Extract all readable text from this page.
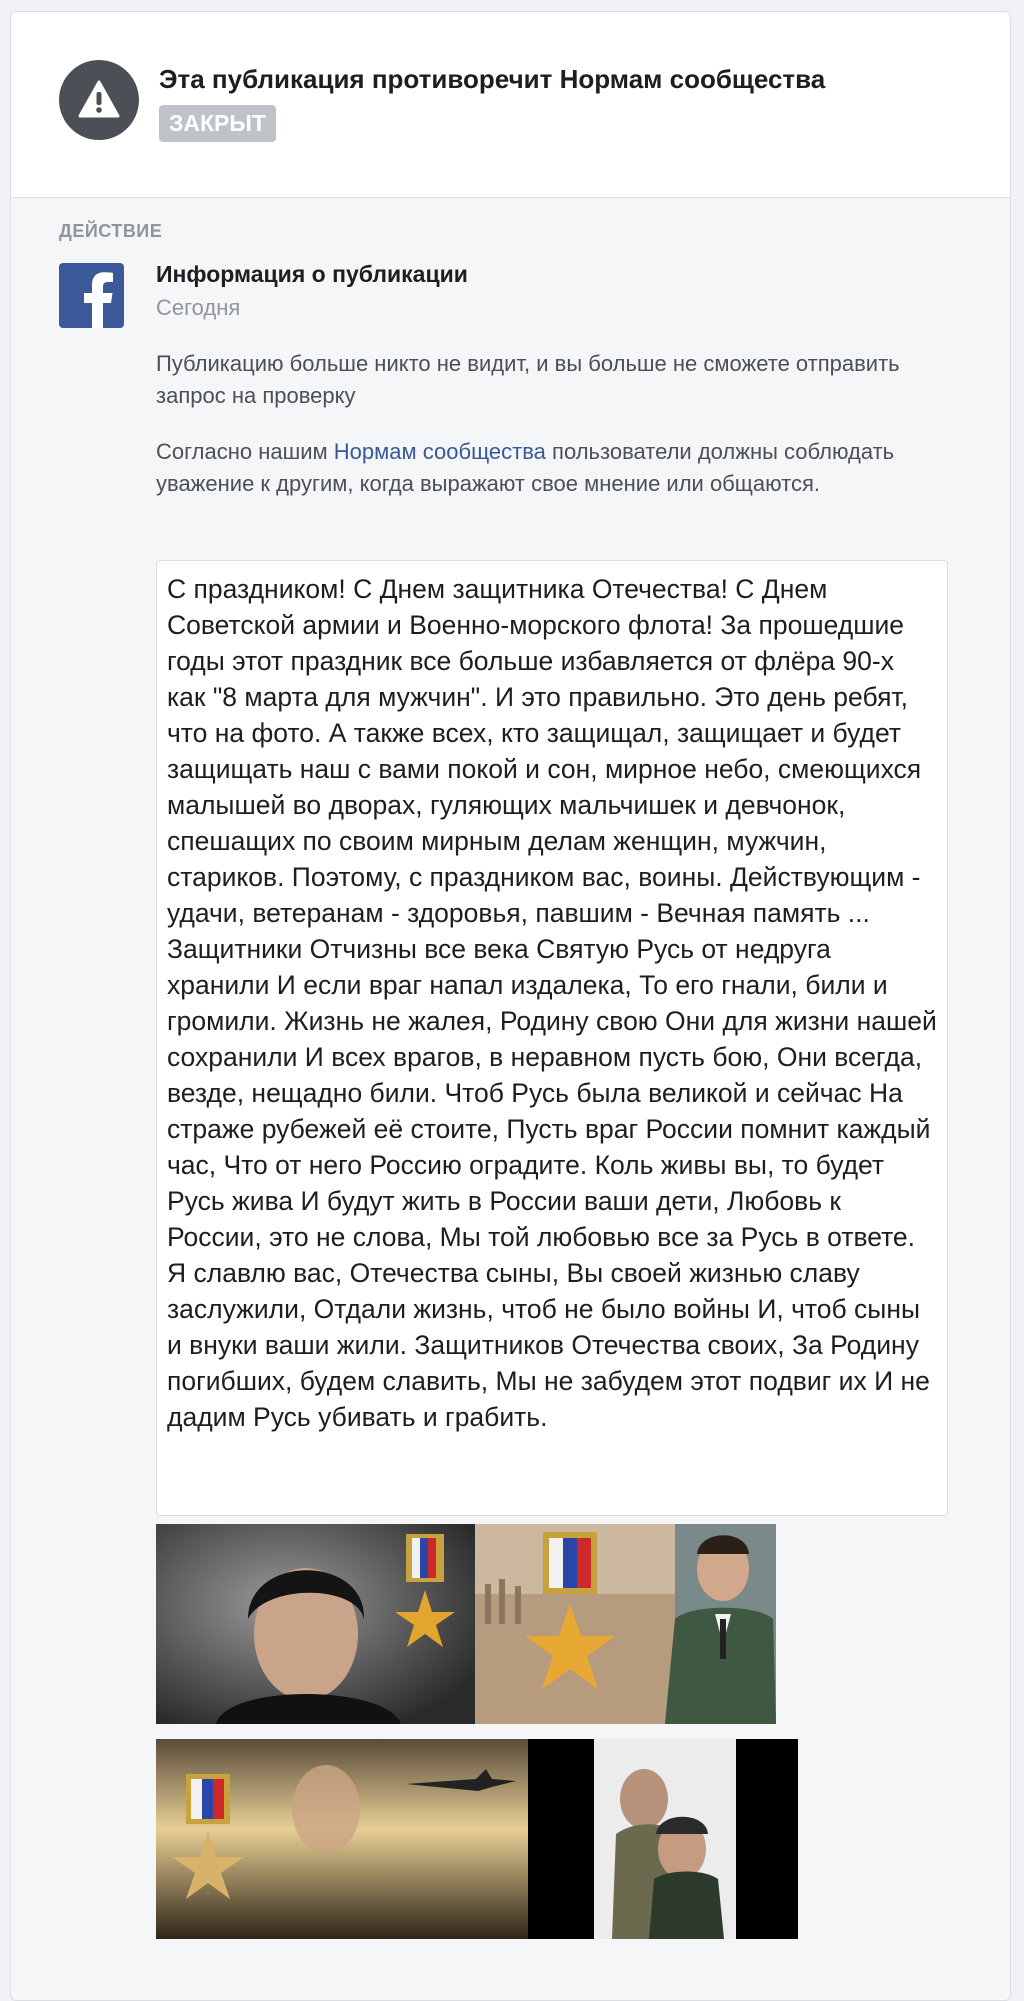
Эта публикация противоречит Нормам сообщества
ЗАКРЫТ
ДЕЙСТВИЕ
Информация о публикации
Сегодня
Публикацию больше никто не видит, и вы больше не сможете отправить запрос на проверку
Согласно нашим Нормам сообщества пользователи должны соблюдать уважение к другим, когда выражают свое мнение или общаются.
С праздником! С Днем защитника Отечества! С Днем Советской армии и Военно-морского флота! За прошедшие годы этот праздник все больше избавляется от флёра 90-х как "8 марта для мужчин". И это правильно. Это день ребят, что на фото. А также всех, кто защищал, защищает и будет защищать наш с вами покой и сон, мирное небо, смеющихся малышей во дворах, гуляющих мальчишек и девчонок, спешащих по своим мирным делам женщин, мужчин, стариков. Поэтому, с праздником вас, воины. Действующим - удачи, ветеранам - здоровья, павшим - Вечная память ... Защитники Отчизны все века Святую Русь от недруга хранили И если враг напал издалека, То его гнали, били и громили. Жизнь не жалея, Родину свою Они для жизни нашей сохранили И всех врагов, в неравном пусть бою, Они всегда, везде, нещадно били. Чтоб Русь была великой и сейчас На страже рубежей её стоите, Пусть враг России помнит каждый час, Что от него Россию оградите. Коль живы вы, то будет Русь жива И будут жить в России ваши дети, Любовь к России, это не слова, Мы той любовью все за Русь в ответе. Я славлю вас, Отечества сыны, Вы своей жизнью славу заслужили, Отдали жизнь, чтоб не было войны И, чтоб сыны и внуки ваши жили. Защитников Отечества своих, За Родину погибших, будем славить, Мы не забудем этот подвиг их И не дадим Русь убивать и грабить.
